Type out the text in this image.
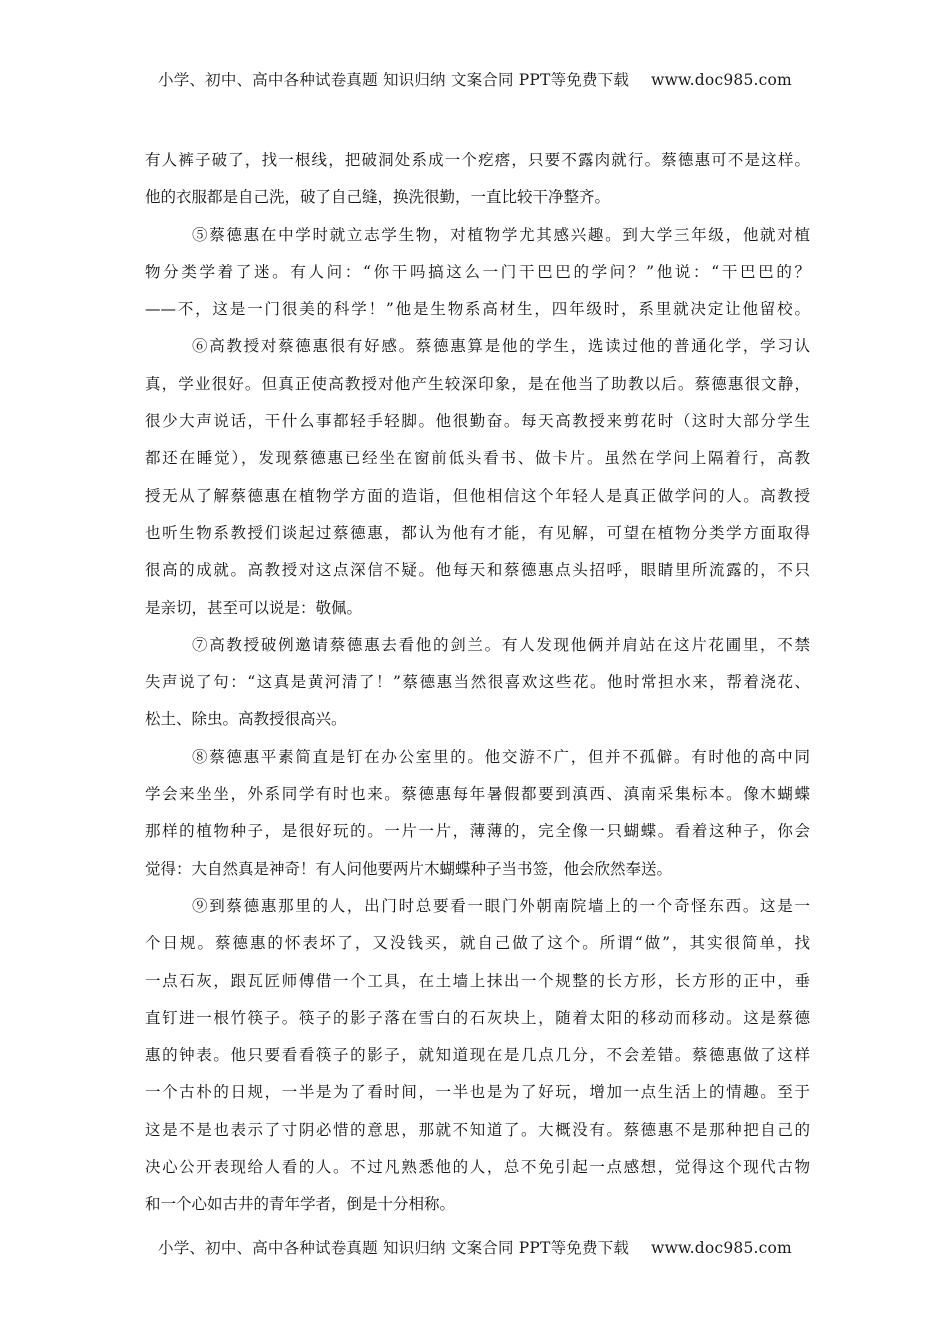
小学、初中、高中各种试卷真题 知识归纳 文案合同 PPT等免费下载 www.doc985.com
有人裤子破了，找一根线，把破洞处系成一个疙瘩，只要不露肉就行。蔡德惠可不是这样。
他的衣服都是自己洗，破了自己缝，换洗很勤，一直比较干净整齐。
⑤蔡德惠在中学时就立志学生物，对植物学尤其感兴趣。到大学三年级，他就对植
物分类学着了迷。有人问：“你干吗搞这么一门干巴巴的学问？”他说：“干巴巴的？
——不，这是一门很美的科学！”他是生物系高材生，四年级时，系里就决定让他留校。
⑥高教授对蔡德惠很有好感。蔡德惠算是他的学生，选读过他的普通化学，学习认
真，学业很好。但真正使高教授对他产生较深印象，是在他当了助教以后。蔡德惠很文静，
很少大声说话，干什么事都轻手轻脚。他很勤奋。每天高教授来剪花时（这时大部分学生
都还在睡觉），发现蔡德惠已经坐在窗前低头看书、做卡片。虽然在学问上隔着行，高教
授无从了解蔡德惠在植物学方面的造诣，但他相信这个年轻人是真正做学问的人。高教授
也听生物系教授们谈起过蔡德惠，都认为他有才能，有见解，可望在植物分类学方面取得
很高的成就。高教授对这点深信不疑。他每天和蔡德惠点头招呼，眼睛里所流露的，不只
是亲切，甚至可以说是：敬佩。
⑦高教授破例邀请蔡德惠去看他的剑兰。有人发现他俩并肩站在这片花圃里，不禁
失声说了句：“这真是黄河清了！”蔡德惠当然很喜欢这些花。他时常担水来，帮着浇花、
松土、除虫。高教授很高兴。
⑧蔡德惠平素简直是钉在办公室里的。他交游不广，但并不孤僻。有时他的高中同
学会来坐坐，外系同学有时也来。蔡德惠每年暑假都要到滇西、滇南采集标本。像木蝴蝶
那样的植物种子，是很好玩的。一片一片，薄薄的，完全像一只蝴蝶。看着这种子，你会
觉得：大自然真是神奇！有人问他要两片木蝴蝶种子当书签，他会欣然奉送。
⑨到蔡德惠那里的人，出门时总要看一眼门外朝南院墙上的一个奇怪东西。这是一
个日规。蔡德惠的怀表坏了，又没钱买，就自己做了这个。所谓“做”，其实很简单，找
一点石灰，跟瓦匠师傅借一个工具，在土墙上抹出一个规整的长方形，长方形的正中，垂
直钉进一根竹筷子。筷子的影子落在雪白的石灰块上，随着太阳的移动而移动。这是蔡德
惠的钟表。他只要看看筷子的影子，就知道现在是几点几分，不会差错。蔡德惠做了这样
一个古朴的日规，一半是为了看时间，一半也是为了好玩，增加一点生活上的情趣。至于
这是不是也表示了寸阴必惜的意思，那就不知道了。大概没有。蔡德惠不是那种把自己的
决心公开表现给人看的人。不过凡熟悉他的人，总不免引起一点感想，觉得这个现代古物
和一个心如古井的青年学者，倒是十分相称。
小学、初中、高中各种试卷真题 知识归纳 文案合同 PPT等免费下载 www.doc985.com
